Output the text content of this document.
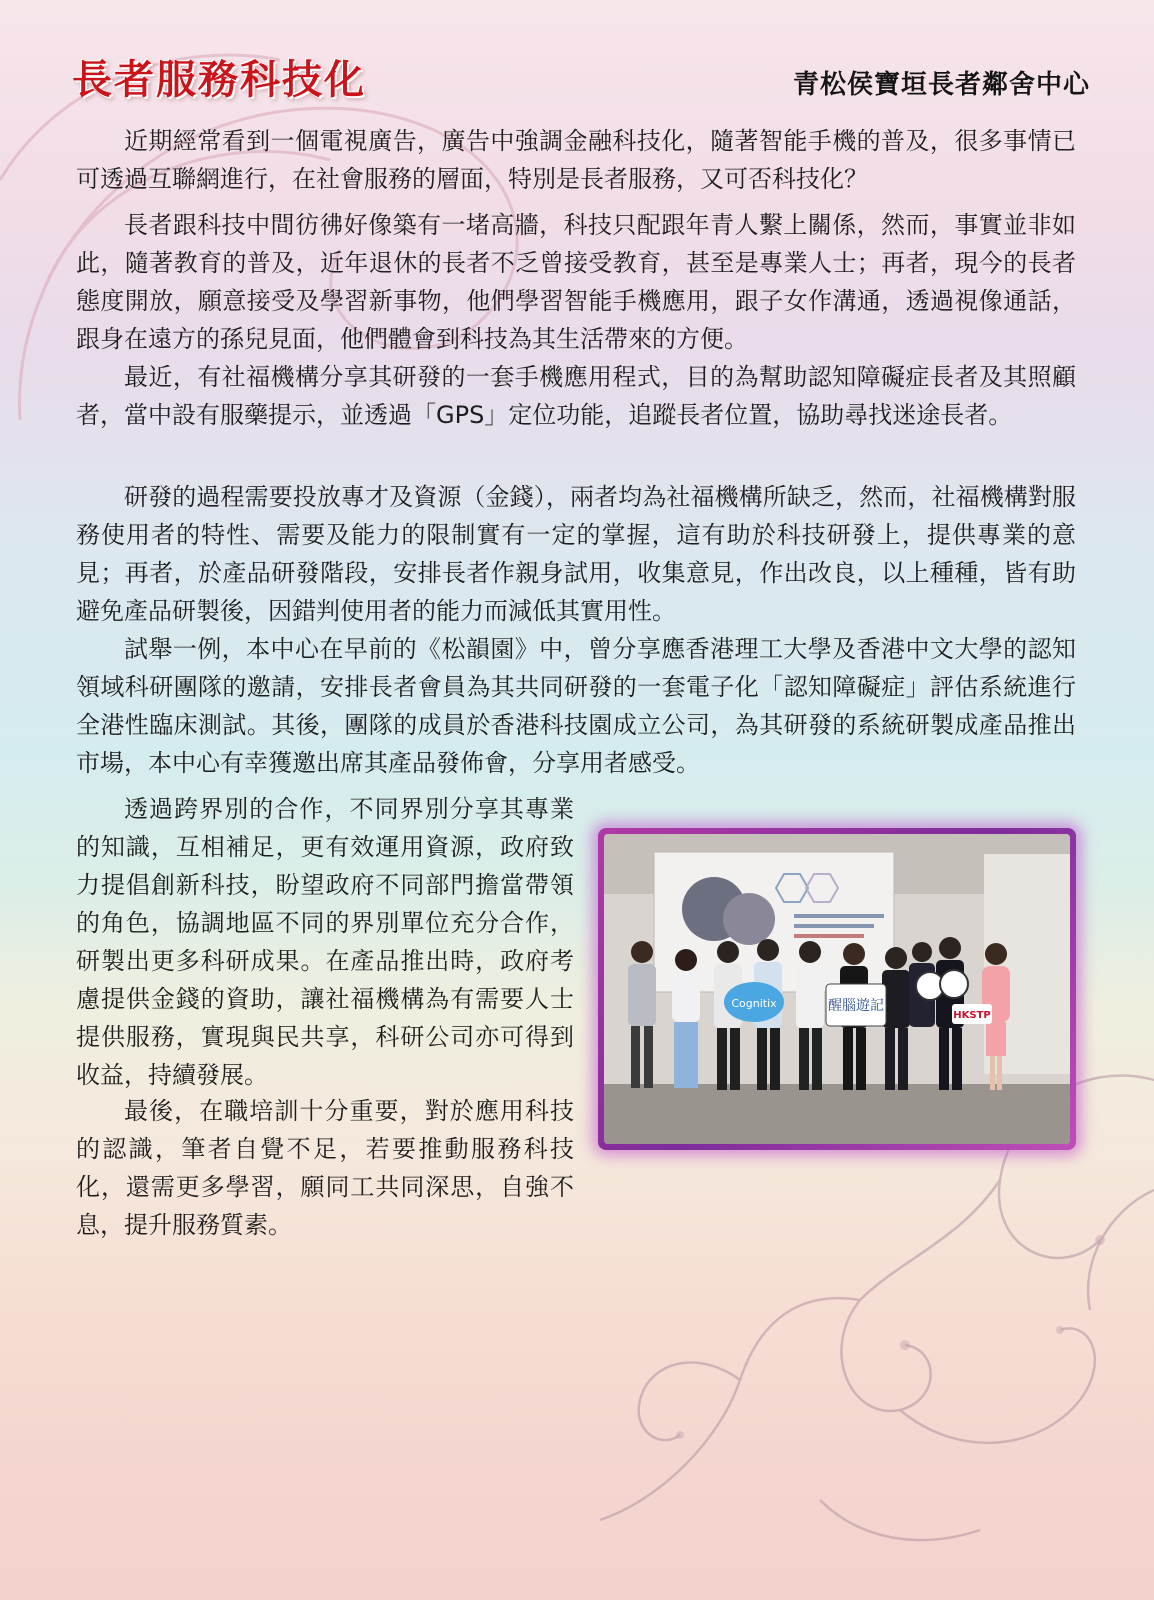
長者服務科技化	青松侯寶垣長者鄰舍中心

近期經常看到一個電視廣告，廣告中強調金融科技化，隨著智能手機的普及，很多事情已可透過互聯網進行，在社會服務的層面，特別是長者服務，又可否科技化？

長者跟科技中間彷彿好像築有一堵高牆，科技只配跟年青人繫上關係，然而，事實並非如此，隨著教育的普及，近年退休的長者不乏曾接受教育，甚至是專業人士；再者，現今的長者態度開放，願意接受及學習新事物，他們學習智能手機應用，跟子女作溝通，透過視像通話，跟身在遠方的孫兒見面，他們體會到科技為其生活帶來的方便。

最近，有社福機構分享其研發的一套手機應用程式，目的為幫助認知障礙症長者及其照顧者，當中設有服藥提示，並透過「GPS」定位功能，追蹤長者位置，協助尋找迷途長者。

研發的過程需要投放專才及資源（金錢），兩者均為社福機構所缺乏，然而，社福機構對服務使用者的特性、需要及能力的限制實有一定的掌握，這有助於科技研發上，提供專業的意見；再者，於產品研發階段，安排長者作親身試用，收集意見，作出改良，以上種種，皆有助避免產品研製後，因錯判使用者的能力而減低其實用性。

試舉一例，本中心在早前的《松韻園》中，曾分享應香港理工大學及香港中文大學的認知領域科研團隊的邀請，安排長者會員為其共同研發的一套電子化「認知障礙症」評估系統進行全港性臨床測試。其後，團隊的成員於香港科技園成立公司，為其研發的系統研製成產品推出市場，本中心有幸獲邀出席其產品發佈會，分享用者感受。

透過跨界別的合作，不同界別分享其專業的知識，互相補足，更有效運用資源，政府致力提倡創新科技，盼望政府不同部門擔當帶領的角色，協調地區不同的界別單位充分合作，研製出更多科研成果。在產品推出時，政府考慮提供金錢的資助，讓社福機構為有需要人士提供服務，實現與民共享，科研公司亦可得到收益，持續發展。

最後，在職培訓十分重要，對於應用科技的認識，筆者自覺不足，若要推動服務科技化，還需更多學習，願同工共同深思，自強不息，提升服務質素。

Cognitix	醒腦遊記
HKSTP
